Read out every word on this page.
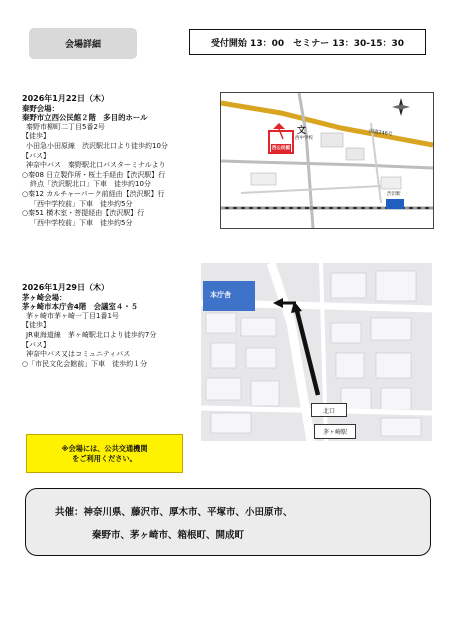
会場詳細	受付開始 13：00　セミナー 13：30-15：30
2026年1月22日（木）
秦野会場：
秦野市立西公民館２階　多目的ホール
秦野市柳町二丁目5番2号
【徒歩】
小田急小田原線　渋沢駅北口より徒歩約10分
【バス】
神奈中バス　秦野駅北口バスターミナルより
○秦08 日立製作所・桜土手経由【渋沢駅】行
終点「渋沢駅北口」下車　徒歩約10分
○秦12 カルチャーパーク前経由【渋沢駅】行
「西中学校前」下車　徒歩約5分
○秦51 横木室・菩提経由【渋沢駅】行
「西中学校前」下車　徒歩約5分
文
西中学校
西公民館
国道246号
渋沢駅
2026年1月29日（木）
茅ヶ崎会場：
茅ヶ崎市本庁舎4階　会議室４・５
茅ヶ崎市茅ヶ崎一丁目1番1号
【徒歩】
JR東海道線　茅ヶ崎駅北口より徒歩約7分
【バス】
神奈中バス又はコミュニティバス
○「市民文化会館前」下車　徒歩約１分
本庁舎
北口
茅ヶ崎駅
※会場には、公共交通機関
をご利用ください。
共催：神奈川県、藤沢市、厚木市、平塚市、小田原市、
秦野市、茅ヶ崎市、箱根町、開成町
